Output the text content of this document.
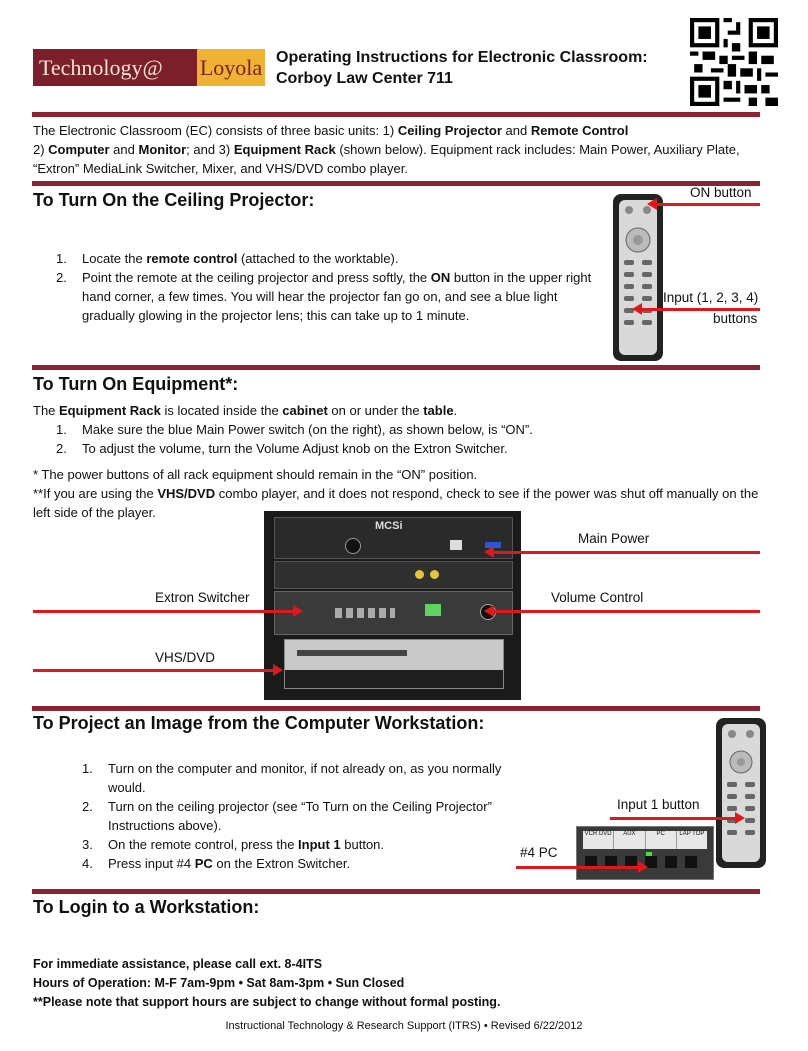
Technology@	Loyola Operating Instructions for Electronic Classroom:
Corboy Law Center 711
The Electronic Classroom (EC) consists of three basic units: 1) Ceiling Projector and Remote Control
2) Computer and Monitor; and 3) Equipment Rack (shown below). Equipment rack includes: Main Power, Auxiliary Plate, “Extron” MediaLink Switcher, Mixer, and VHS/DVD combo player.
To Turn On the Ceiling Projector:
1. Locate the remote control (attached to the worktable).
2. Point the remote at the ceiling projector and press softly, the ON button in the upper right hand corner, a few times. You will hear the projector fan go on, and see a blue light gradually glowing in the projector lens; this can take up to 1 minute.
ON button
Input (1, 2, 3, 4)
buttons
To Turn On Equipment*:
The Equipment Rack is located inside the cabinet on or under the table.
1. Make sure the blue Main Power switch (on the right), as shown below, is “ON”.
2. To adjust the volume, turn the Volume Adjust knob on the Extron Switcher.
* The power buttons of all rack equipment should remain in the “ON” position.
**If you are using the VHS/DVD combo player, and it does not respond, check to see if the power was shut off manually on the left side of the player.
MCSi
Main Power
Extron Switcher	Volume Control
VHS/DVD
To Project an Image from the Computer Workstation:
1. Turn on the computer and monitor, if not already on, as you normally would.
2. Turn on the ceiling projector (see “To Turn on the Ceiling Projector” Instructions above).
3. On the remote control, press the Input 1 button.
4. Press input #4 PC on the Extron Switcher.
Input 1 button
VCR DVD	AUX	PC	LAP TOP
#4 PC
To Login to a Workstation:
For immediate assistance, please call ext. 8-4ITS
Hours of Operation: M-F 7am-9pm • Sat 8am-3pm • Sun Closed
**Please note that support hours are subject to change without formal posting.
Instructional Technology & Research Support (ITRS) • Revised 6/22/2012
